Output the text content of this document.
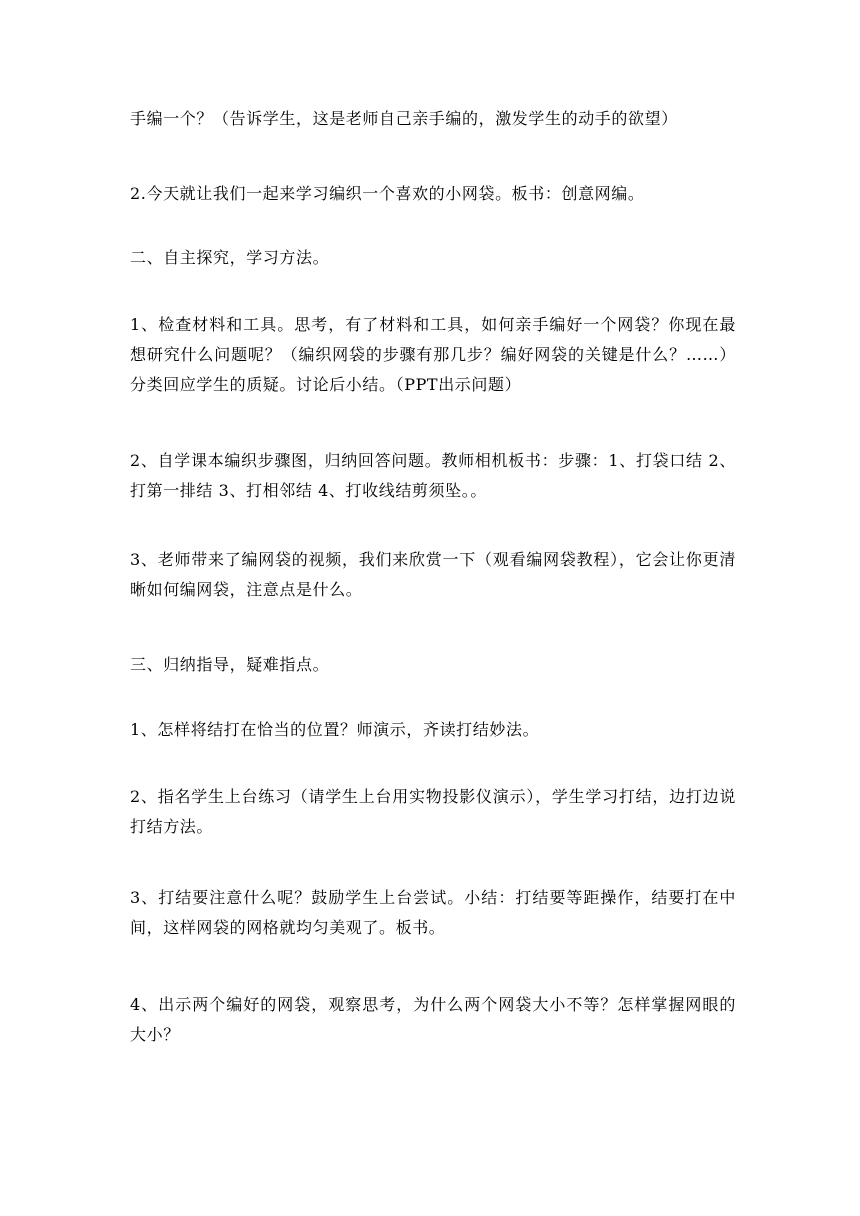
手编一个？（告诉学生，这是老师自己亲手编的，激发学生的动手的欲望）

2.今天就让我们一起来学习编织一个喜欢的小网袋。板书：创意网编。

二、自主探究，学习方法。

1、检查材料和工具。思考，有了材料和工具，如何亲手编好一个网袋？你现在最想研究什么问题呢？（编织网袋的步骤有那几步？编好网袋的关键是什么？……）分类回应学生的质疑。讨论后小结。（PPT出示问题）

2、自学课本编织步骤图，归纳回答问题。教师相机板书：步骤：1、打袋口结 2、打第一排结 3、打相邻结 4、打收线结剪须坠。。

3、老师带来了编网袋的视频，我们来欣赏一下（观看编网袋教程），它会让你更清晰如何编网袋，注意点是什么。

三、归纳指导，疑难指点。

1、怎样将结打在恰当的位置？师演示，齐读打结妙法。

2、指名学生上台练习（请学生上台用实物投影仪演示），学生学习打结，边打边说打结方法。

3、打结要注意什么呢？鼓励学生上台尝试。小结：打结要等距操作，结要打在中间，这样网袋的网格就均匀美观了。板书。

4、出示两个编好的网袋，观察思考，为什么两个网袋大小不等？怎样掌握网眼的大小？
